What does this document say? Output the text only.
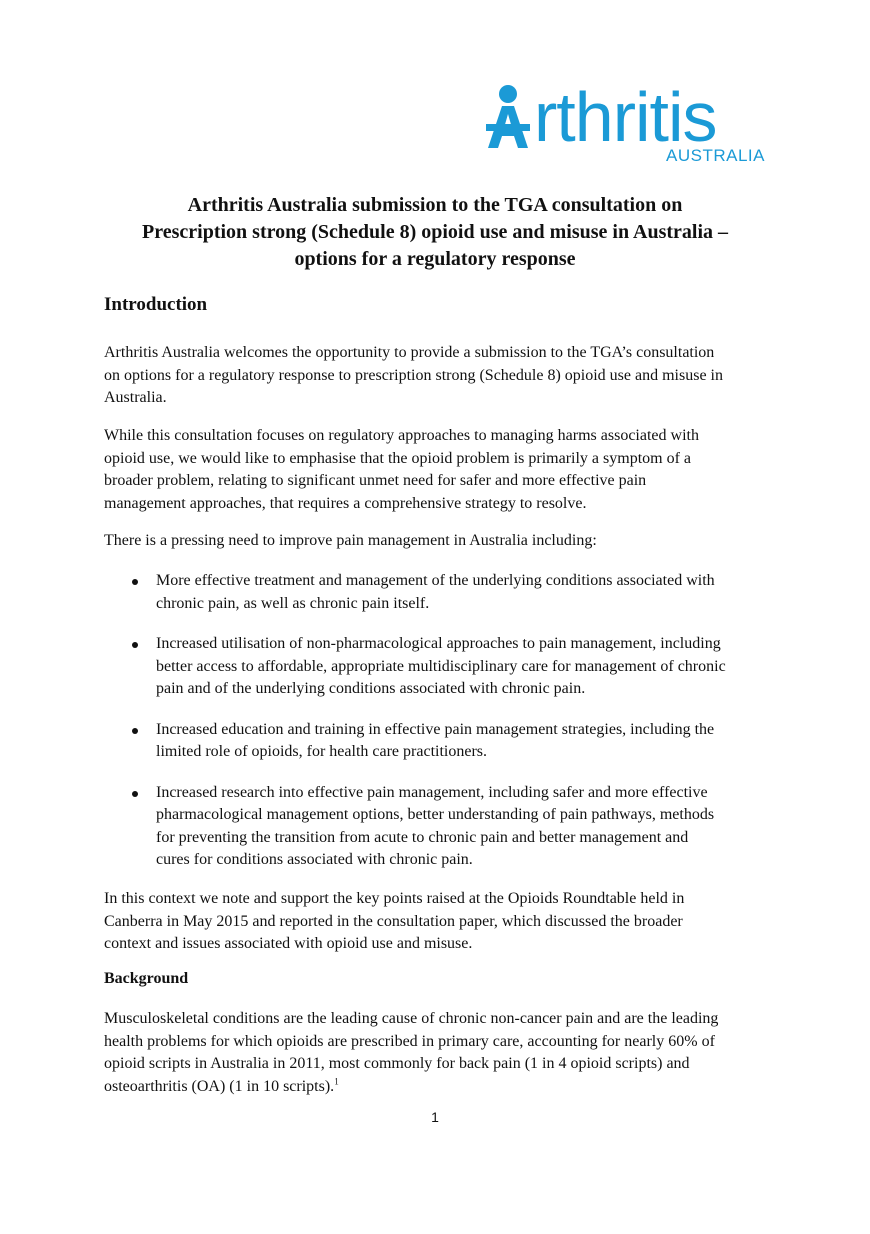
rthritis
AUSTRALIA
Arthritis Australia submission to the TGA consultation on
Prescription strong (Schedule 8) opioid use and misuse in Australia –
options for a regulatory response
Introduction
Arthritis Australia welcomes the opportunity to provide a submission to the TGA’s consultation
on options for a regulatory response to prescription strong (Schedule 8) opioid use and misuse in
Australia.
While this consultation focuses on regulatory approaches to managing harms associated with
opioid use, we would like to emphasise that the opioid problem is primarily a symptom of a
broader problem, relating to significant unmet need for safer and more effective pain
management approaches, that requires a comprehensive strategy to resolve.
There is a pressing need to improve pain management in Australia including:
More effective treatment and management of the underlying conditions associated with
chronic pain, as well as chronic pain itself.
Increased utilisation of non-pharmacological approaches to pain management, including
better access to affordable, appropriate multidisciplinary care for management of chronic
pain and of the underlying conditions associated with chronic pain.
Increased education and training in effective pain management strategies, including the
limited role of opioids, for health care practitioners.
Increased research into effective pain management, including safer and more effective
pharmacological management options, better understanding of pain pathways, methods
for preventing the transition from acute to chronic pain and better management and
cures for conditions associated with chronic pain.
In this context we note and support the key points raised at the Opioids Roundtable held in
Canberra in May 2015 and reported in the consultation paper, which discussed the broader
context and issues associated with opioid use and misuse.
Background
Musculoskeletal conditions are the leading cause of chronic non-cancer pain and are the leading
health problems for which opioids are prescribed in primary care, accounting for nearly 60% of
opioid scripts in Australia in 2011, most commonly for back pain (1 in 4 opioid scripts) and
osteoarthritis (OA) (1 in 10 scripts).$^1$
1
